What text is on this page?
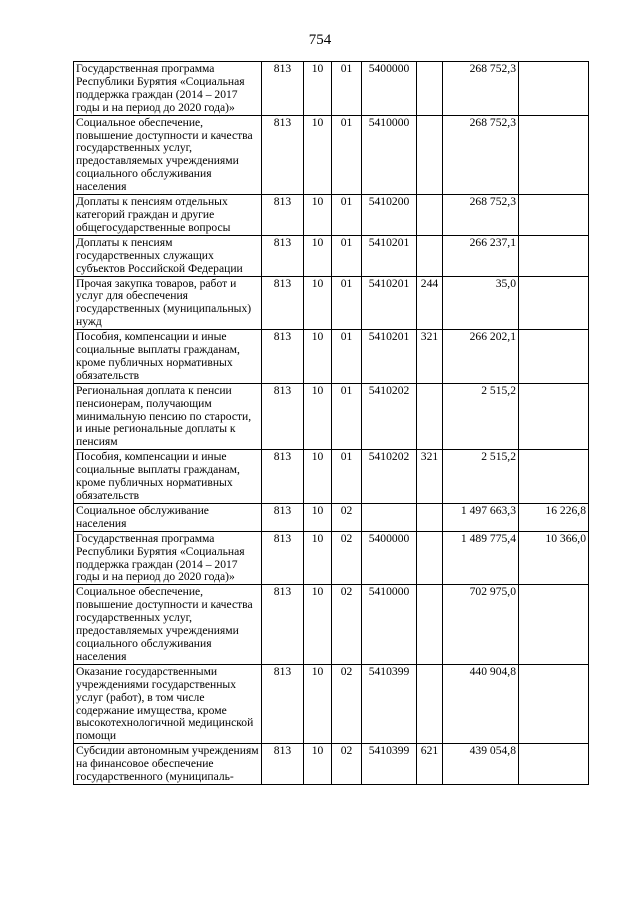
754
Государственная программа Республики Бурятия «Социальная поддержка граждан (2014 – 2017 годы и на период до 2020 года)»	813	10	01	5400000		268 752,3	
Социальное обеспечение, повышение доступности и качества государственных услуг, предоставляемых учреждениями социального обслуживания населения	813	10	01	5410000		268 752,3	
Доплаты к пенсиям отдельных категорий граждан и другие общегосударственные вопросы	813	10	01	5410200		268 752,3	
Доплаты к пенсиям государственных служащих субъектов Российской Федерации	813	10	01	5410201		266 237,1	
Прочая закупка товаров, работ и услуг для обеспечения государственных (муниципальных) нужд	813	10	01	5410201	244	35,0	
Пособия, компенсации и иные социальные выплаты гражданам, кроме публичных нормативных обязательств	813	10	01	5410201	321	266 202,1	
Региональная доплата к пенсии пенсионерам, получающим минимальную пенсию по старости, и иные региональные доплаты к пенсиям	813	10	01	5410202		2 515,2	
Пособия, компенсации и иные социальные выплаты гражданам, кроме публичных нормативных обязательств	813	10	01	5410202	321	2 515,2	
Социальное обслуживание населения	813	10	02			1 497 663,3	16 226,8
Государственная программа Республики Бурятия «Социальная поддержка граждан (2014 – 2017 годы и на период до 2020 года)»	813	10	02	5400000		1 489 775,4	10 366,0
Социальное обеспечение, повышение доступности и качества государственных услуг, предоставляемых учреждениями социального обслуживания населения	813	10	02	5410000		702 975,0	
Оказание государственными учреждениями государственных услуг (работ), в том числе содержание имущества, кроме высокотехнологичной медицинской помощи	813	10	02	5410399		440 904,8	
Субсидии автономным учреждениям на финансовое обеспечение государственного (муниципаль-	813	10	02	5410399	621	439 054,8	
